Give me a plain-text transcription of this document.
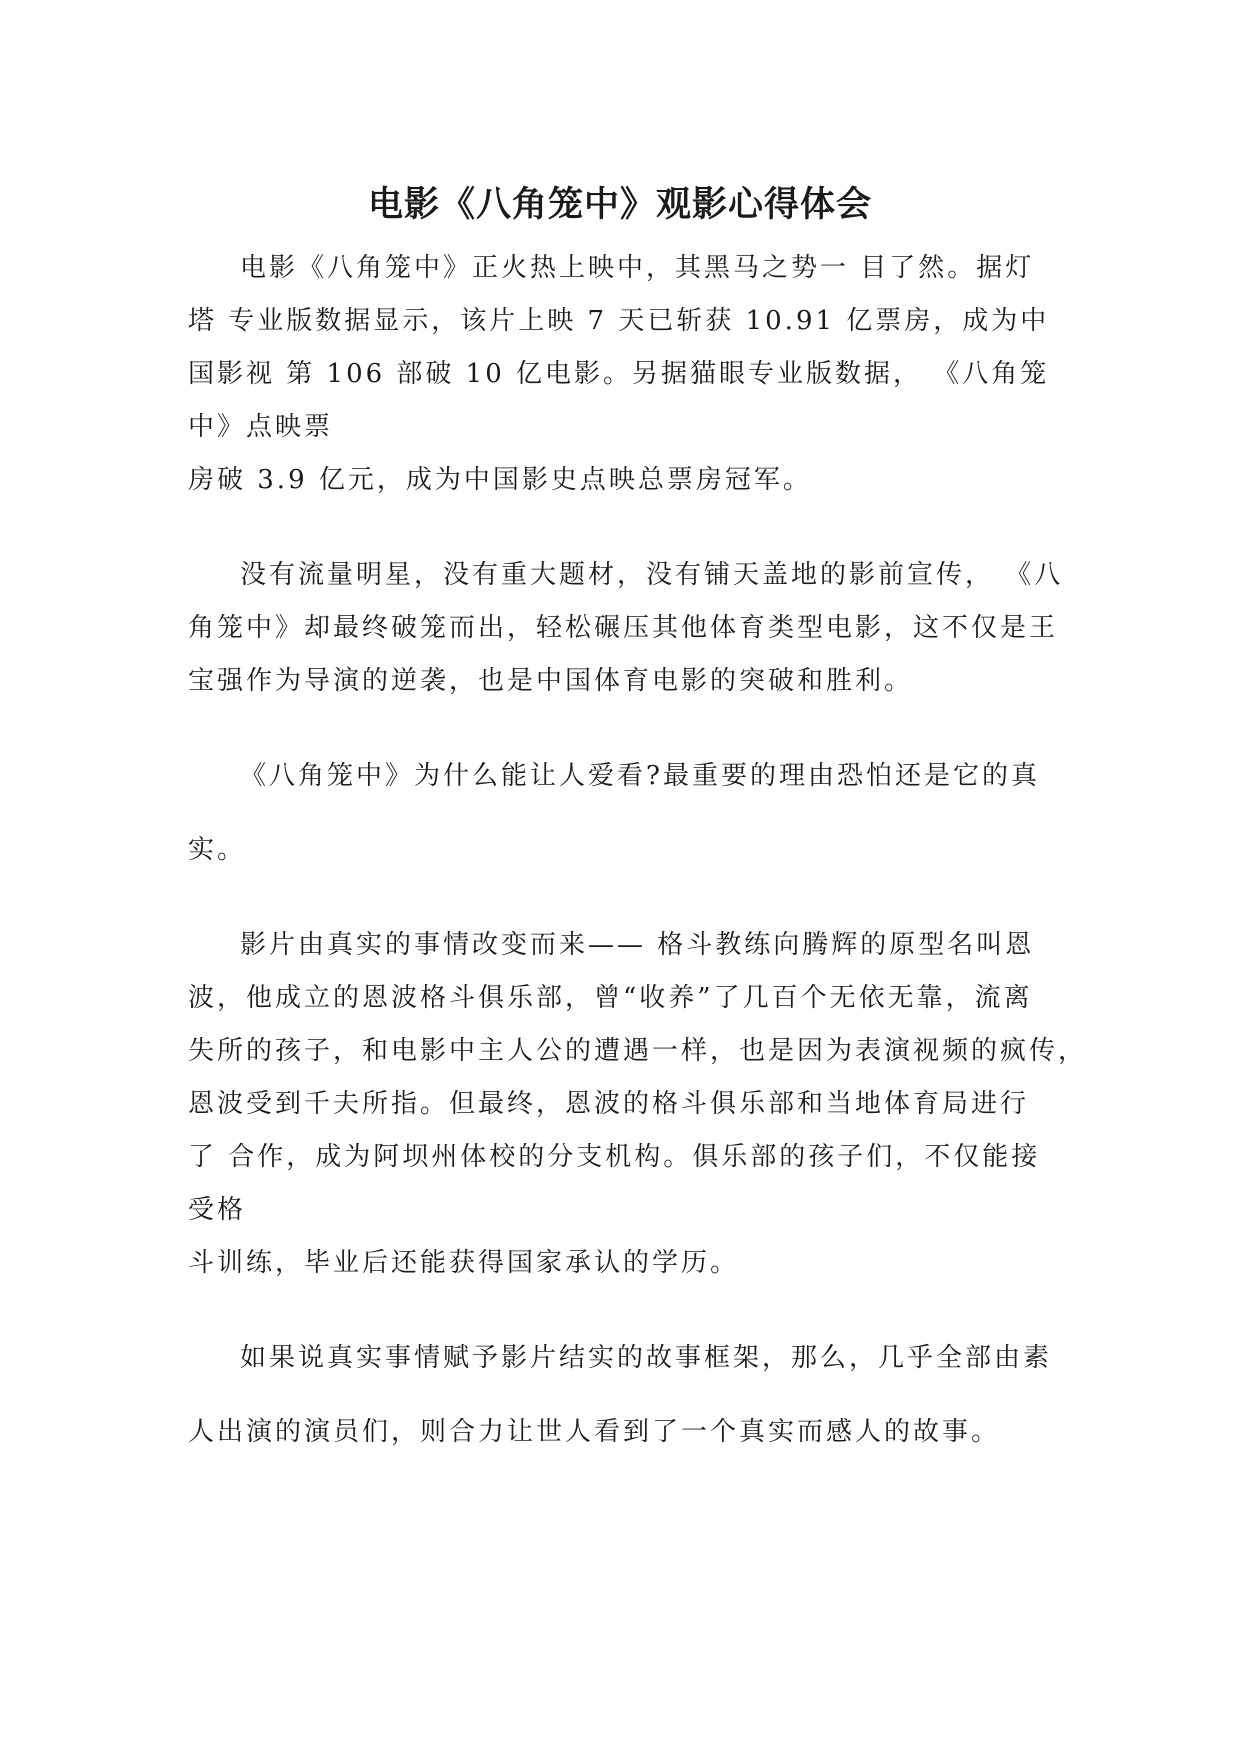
电影《八角笼中》观影心得体会

电影《八角笼中》正火热上映中，其黑马之势一 目了然。据灯

塔 专业版数据显示，该片上映 7 天已斩获 10.91 亿票房，成为中

国影视 第 106 部破 10 亿电影。另据猫眼专业版数据， 《八角笼

中》点映票

房破 3.9 亿元，成为中国影史点映总票房冠军。

没有流量明星，没有重大题材，没有铺天盖地的影前宣传， 《八

角笼中》却最终破笼而出，轻松碾压其他体育类型电影，这不仅是王

宝强作为导演的逆袭，也是中国体育电影的突破和胜利。

《八角笼中》为什么能让人爱看?最重要的理由恐怕还是它的真

实。

影片由真实的事情改变而来—— 格斗教练向腾辉的原型名叫恩

波，他成立的恩波格斗俱乐部，曾“收养”了几百个无依无靠，流离

失所的孩子，和电影中主人公的遭遇一样，也是因为表演视频的疯传，

恩波受到千夫所指。但最终，恩波的格斗俱乐部和当地体育局进行

了 合作，成为阿坝州体校的分支机构。俱乐部的孩子们，不仅能接

受格

斗训练，毕业后还能获得国家承认的学历。

如果说真实事情赋予影片结实的故事框架，那么，几乎全部由素

人出演的演员们，则合力让世人看到了一个真实而感人的故事。
